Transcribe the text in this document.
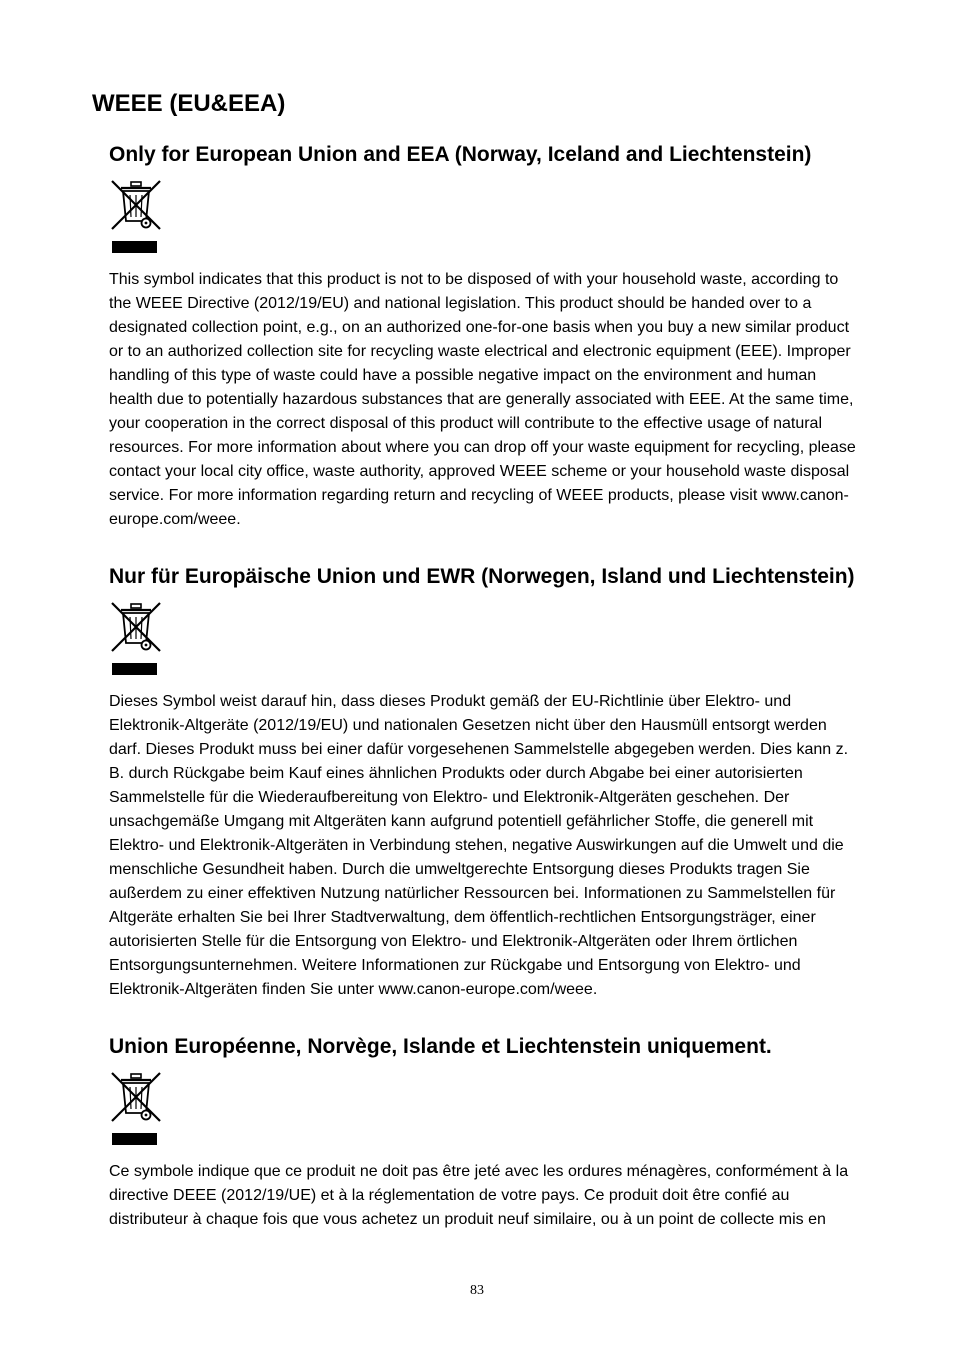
WEEE (EU&EEA)
Only for European Union and EEA (Norway, Iceland and Liechtenstein)
This symbol indicates that this product is not to be disposed of with your household waste, according to
the WEEE Directive (2012/19/EU) and national legislation. This product should be handed over to a
designated collection point, e.g., on an authorized one-for-one basis when you buy a new similar product
or to an authorized collection site for recycling waste electrical and electronic equipment (EEE). Improper
handling of this type of waste could have a possible negative impact on the environment and human
health due to potentially hazardous substances that are generally associated with EEE. At the same time,
your cooperation in the correct disposal of this product will contribute to the effective usage of natural
resources. For more information about where you can drop off your waste equipment for recycling, please
contact your local city office, waste authority, approved WEEE scheme or your household waste disposal
service. For more information regarding return and recycling of WEEE products, please visit www.canon-
europe.com/weee.
Nur für Europäische Union und EWR (Norwegen, Island und Liechtenstein)
Dieses Symbol weist darauf hin, dass dieses Produkt gemäß der EU-Richtlinie über Elektro- und
Elektronik-Altgeräte (2012/19/EU) und nationalen Gesetzen nicht über den Hausmüll entsorgt werden
darf. Dieses Produkt muss bei einer dafür vorgesehenen Sammelstelle abgegeben werden. Dies kann z.
B. durch Rückgabe beim Kauf eines ähnlichen Produkts oder durch Abgabe bei einer autorisierten
Sammelstelle für die Wiederaufbereitung von Elektro- und Elektronik-Altgeräten geschehen. Der
unsachgemäße Umgang mit Altgeräten kann aufgrund potentiell gefährlicher Stoffe, die generell mit
Elektro- und Elektronik-Altgeräten in Verbindung stehen, negative Auswirkungen auf die Umwelt und die
menschliche Gesundheit haben. Durch die umweltgerechte Entsorgung dieses Produkts tragen Sie
außerdem zu einer effektiven Nutzung natürlicher Ressourcen bei. Informationen zu Sammelstellen für
Altgeräte erhalten Sie bei Ihrer Stadtverwaltung, dem öffentlich-rechtlichen Entsorgungsträger, einer
autorisierten Stelle für die Entsorgung von Elektro- und Elektronik-Altgeräten oder Ihrem örtlichen
Entsorgungsunternehmen. Weitere Informationen zur Rückgabe und Entsorgung von Elektro- und
Elektronik-Altgeräten finden Sie unter www.canon-europe.com/weee.
Union Européenne, Norvège, Islande et Liechtenstein uniquement.
Ce symbole indique que ce produit ne doit pas être jeté avec les ordures ménagères, conformément à la
directive DEEE (2012/19/UE) et à la réglementation de votre pays. Ce produit doit être confié au
distributeur à chaque fois que vous achetez un produit neuf similaire, ou à un point de collecte mis en
83
